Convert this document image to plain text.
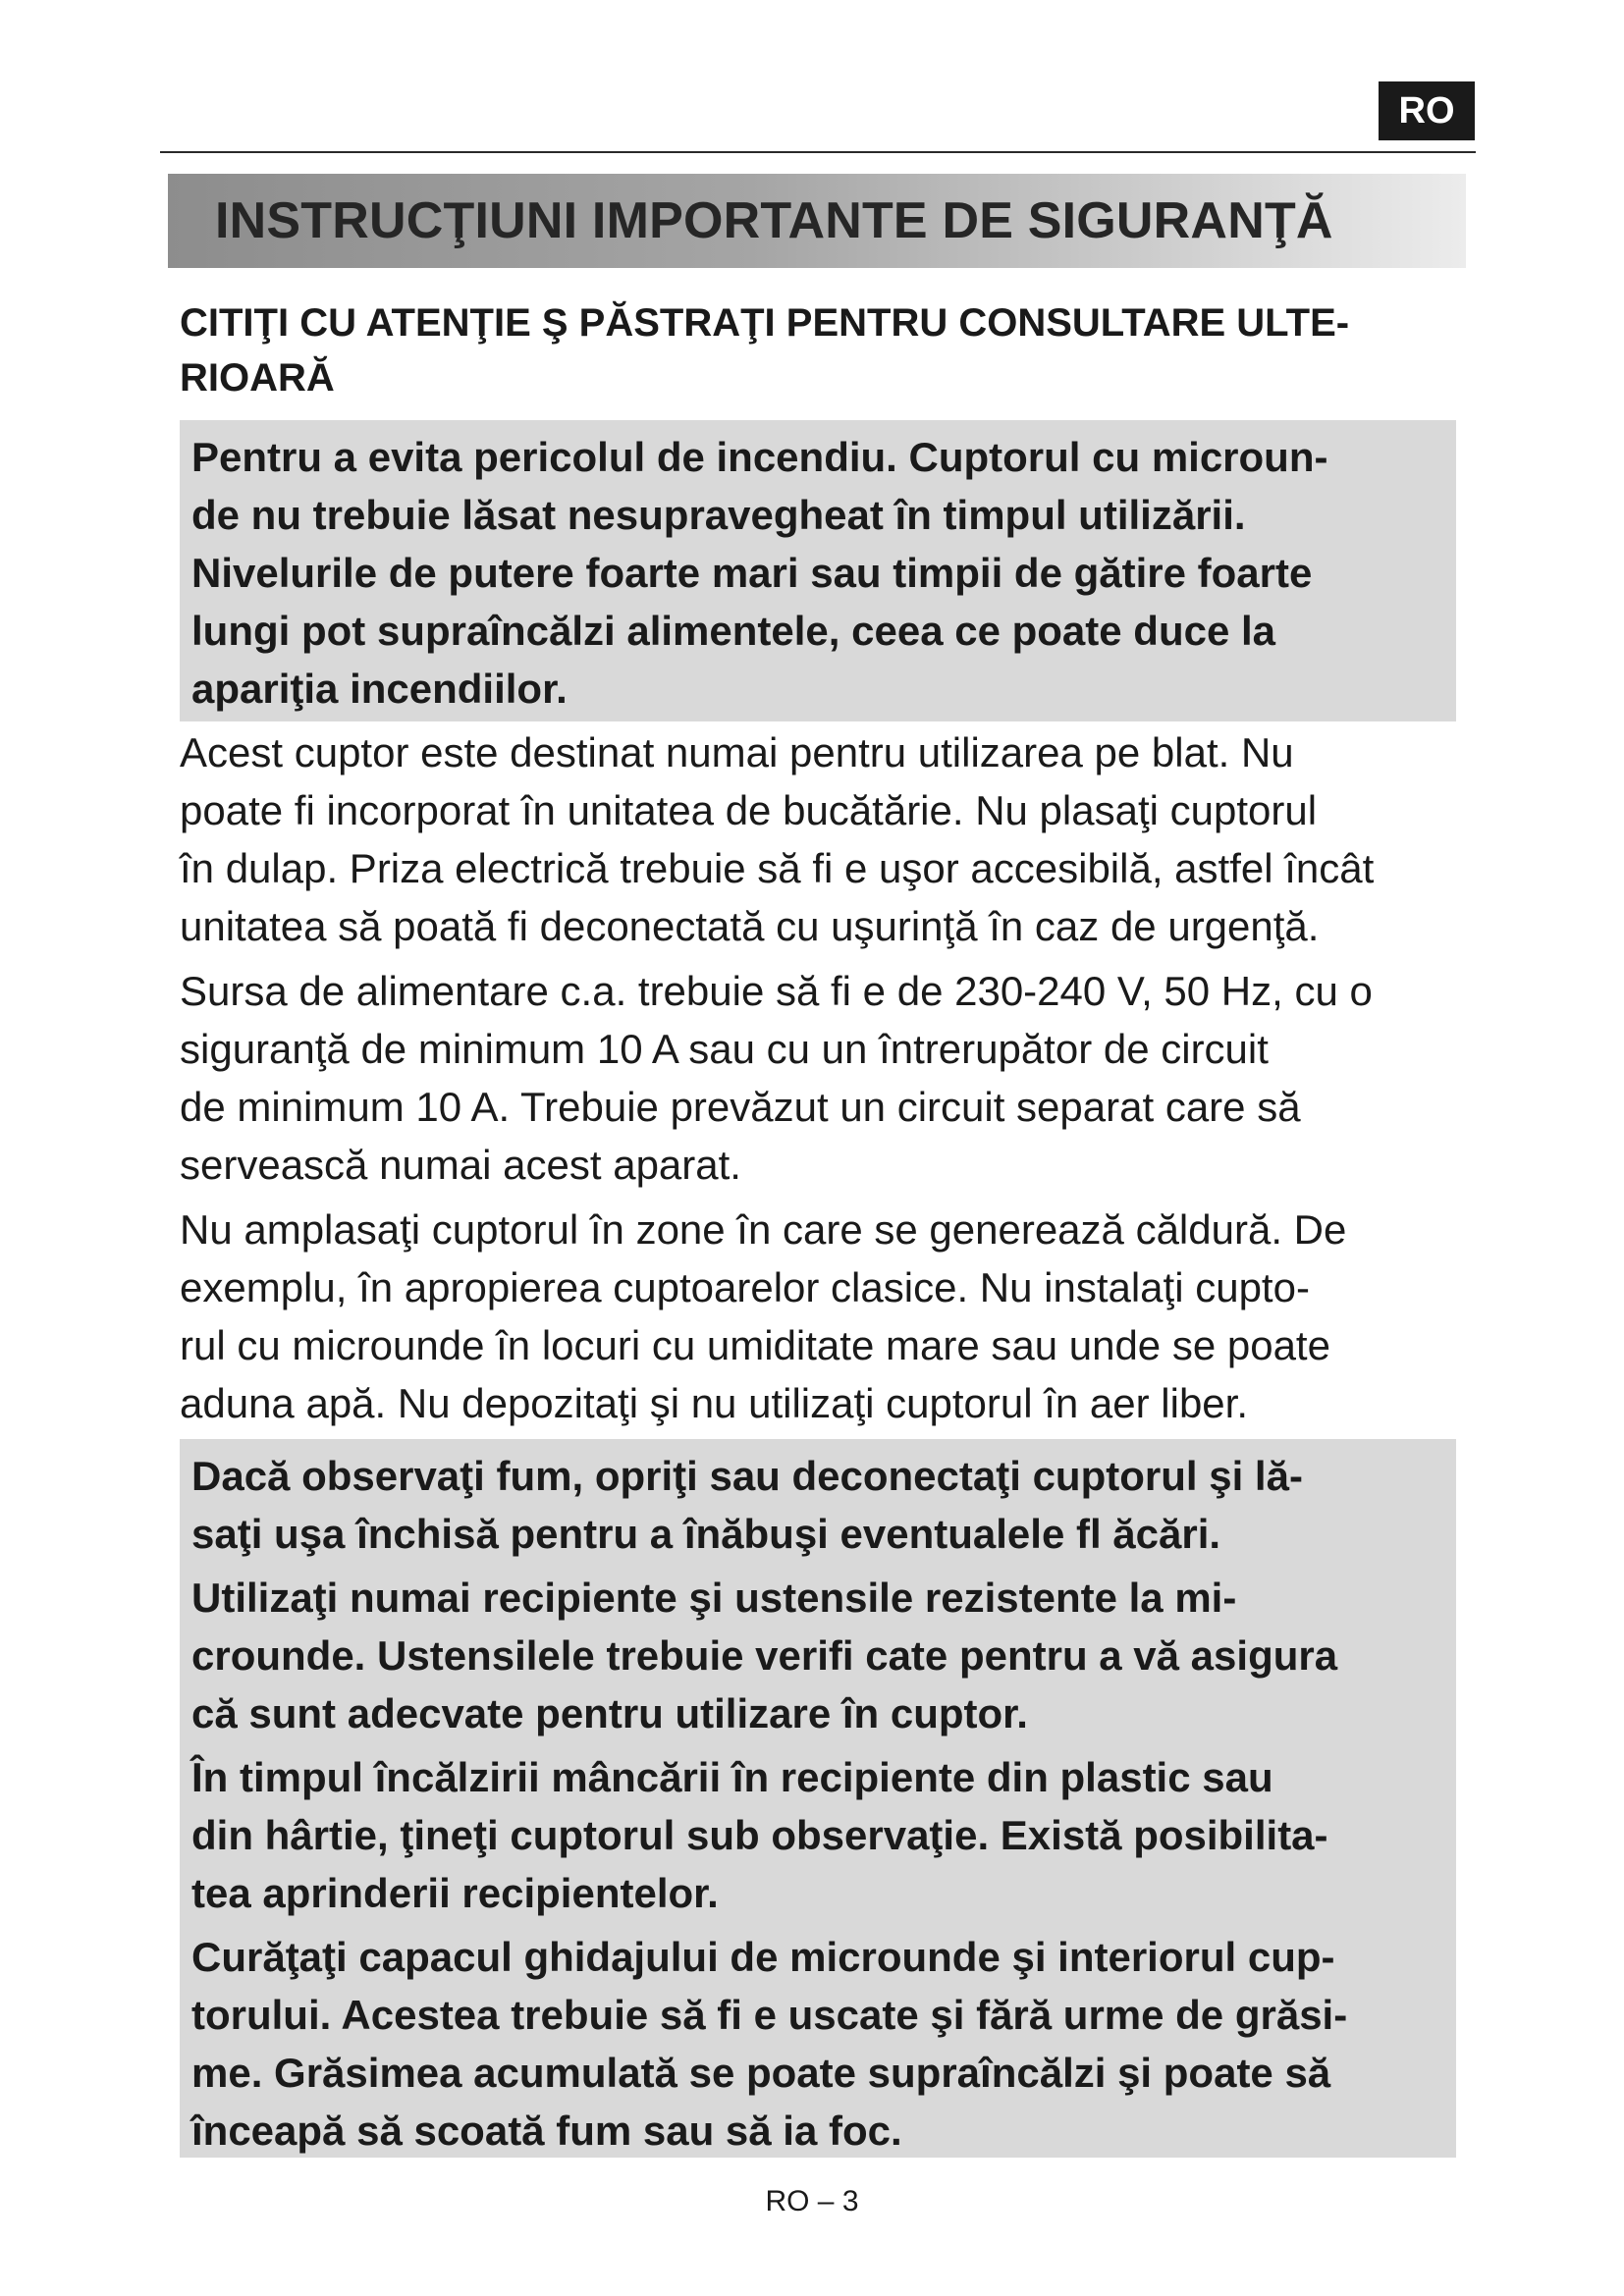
RO
INSTRUCŢIUNI IMPORTANTE DE SIGURANŢĂ
CITIŢI CU ATENŢIE Ş PĂSTRAŢI PENTRU CONSULTARE ULTE-
RIOARĂ

Pentru a evita pericolul de incendiu. Cuptorul cu microun-
de nu trebuie lăsat nesupravegheat în timpul utilizării.
Nivelurile de putere foarte mari sau timpii de gătire foarte
lungi pot supraîncălzi alimentele, ceea ce poate duce la
apariţia incendiilor.

Acest cuptor este destinat numai pentru utilizarea pe blat. Nu
poate fi incorporat în unitatea de bucătărie. Nu plasaţi cuptorul
în dulap. Priza electrică trebuie să fi e uşor accesibilă, astfel încât
unitatea să poată fi deconectată cu uşurinţă în caz de urgenţă.

Sursa de alimentare c.a. trebuie să fi e de 230-240 V, 50 Hz, cu o
siguranţă de minimum 10 A sau cu un întrerupător de circuit
de minimum 10 A. Trebuie prevăzut un circuit separat care să
servească numai acest aparat.

Nu amplasaţi cuptorul în zone în care se generează căldură. De
exemplu, în apropierea cuptoarelor clasice. Nu instalaţi cupto-
rul cu microunde în locuri cu umiditate mare sau unde se poate
aduna apă. Nu depozitaţi şi nu utilizaţi cuptorul în aer liber.

Dacă observaţi fum, opriţi sau deconectaţi cuptorul şi lă-
saţi uşa închisă pentru a înăbuşi eventualele fl ăcări.

Utilizaţi numai recipiente şi ustensile rezistente la mi-
crounde. Ustensilele trebuie verifi cate pentru a vă asigura
că sunt adecvate pentru utilizare în cuptor.

În timpul încălzirii mâncării în recipiente din plastic sau
din hârtie, ţineţi cuptorul sub observaţie. Există posibilita-
tea aprinderii recipientelor.

Curăţaţi capacul ghidajului de microunde şi interiorul cup-
torului. Acestea trebuie să fi e uscate şi fără urme de grăsi-
me. Grăsimea acumulată se poate supraîncălzi şi poate să
înceapă să scoată fum sau să ia foc.

RO – 3
